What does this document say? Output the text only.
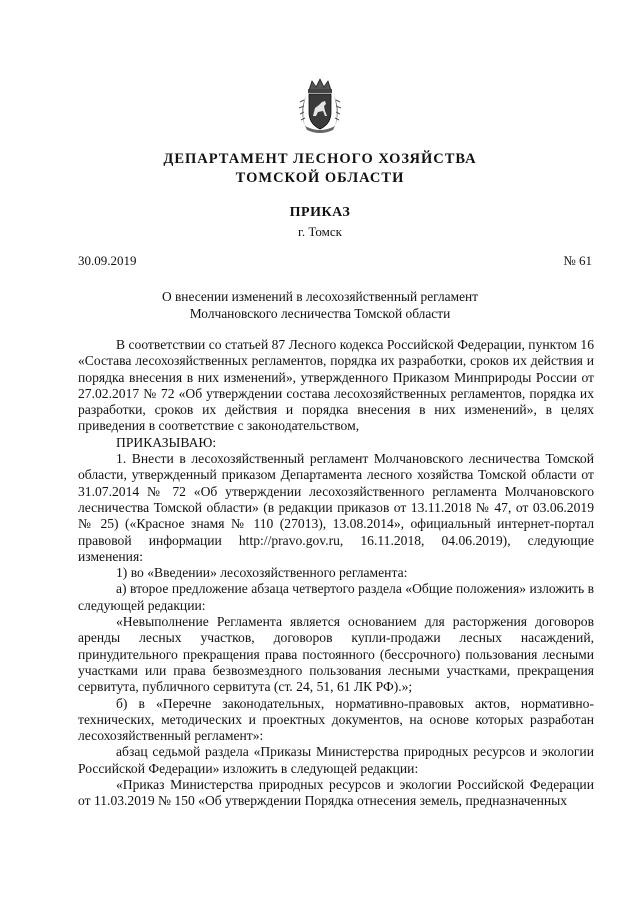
ДЕПАРТАМЕНТ ЛЕСНОГО ХОЗЯЙСТВА
ТОМСКОЙ ОБЛАСТИ
ПРИКАЗ
г. Томск
30.09.2019	№ 61
О внесении изменений в лесохозяйственный регламент
Молчановского лесничества Томской области

В соответствии со статьей 87 Лесного кодекса Российской Федерации, пунктом 16 «Состава лесохозяйственных регламентов, порядка их разработки, сроков их действия и порядка внесения в них изменений», утвержденного Приказом Минприроды России от 27.02.2017 № 72 «Об утверждении состава лесохозяйственных регламентов, порядка их разработки, сроков их действия и порядка внесения в них изменений», в целях приведения в соответствие с законодательством,

ПРИКАЗЫВАЮ:

1. Внести в лесохозяйственный регламент Молчановского лесничества Томской области, утвержденный приказом Департамента лесного хозяйства Томской области от 31.07.2014 № 72 «Об утверждении лесохозяйственного регламента Молчановского лесничества Томской области» (в редакции приказов от 13.11.2018 № 47, от 03.06.2019 № 25) («Красное знамя № 110 (27013), 13.08.2014», официальный интернет-портал правовой информации http://pravo.gov.ru, 16.11.2018, 04.06.2019), следующие изменения:

1) во «Введении» лесохозяйственного регламента:

а) второе предложение абзаца четвертого раздела «Общие положения» изложить в следующей редакции:

«Невыполнение Регламента является основанием для расторжения договоров аренды лесных участков, договоров купли-продажи лесных насаждений, принудительного прекращения права постоянного (бессрочного) пользования лесными участками или права безвозмездного пользования лесными участками, прекращения сервитута, публичного сервитута (ст. 24, 51, 61 ЛК РФ).»;

б) в «Перечне законодательных, нормативно-правовых актов, нормативно-технических, методических и проектных документов, на основе которых разработан лесохозяйственный регламент»:

абзац седьмой раздела «Приказы Министерства природных ресурсов и экологии Российской Федерации» изложить в следующей редакции:

«Приказ Министерства природных ресурсов и экологии Российской Федерации от 11.03.2019 № 150 «Об утверждении Порядка отнесения земель, предназначенных
